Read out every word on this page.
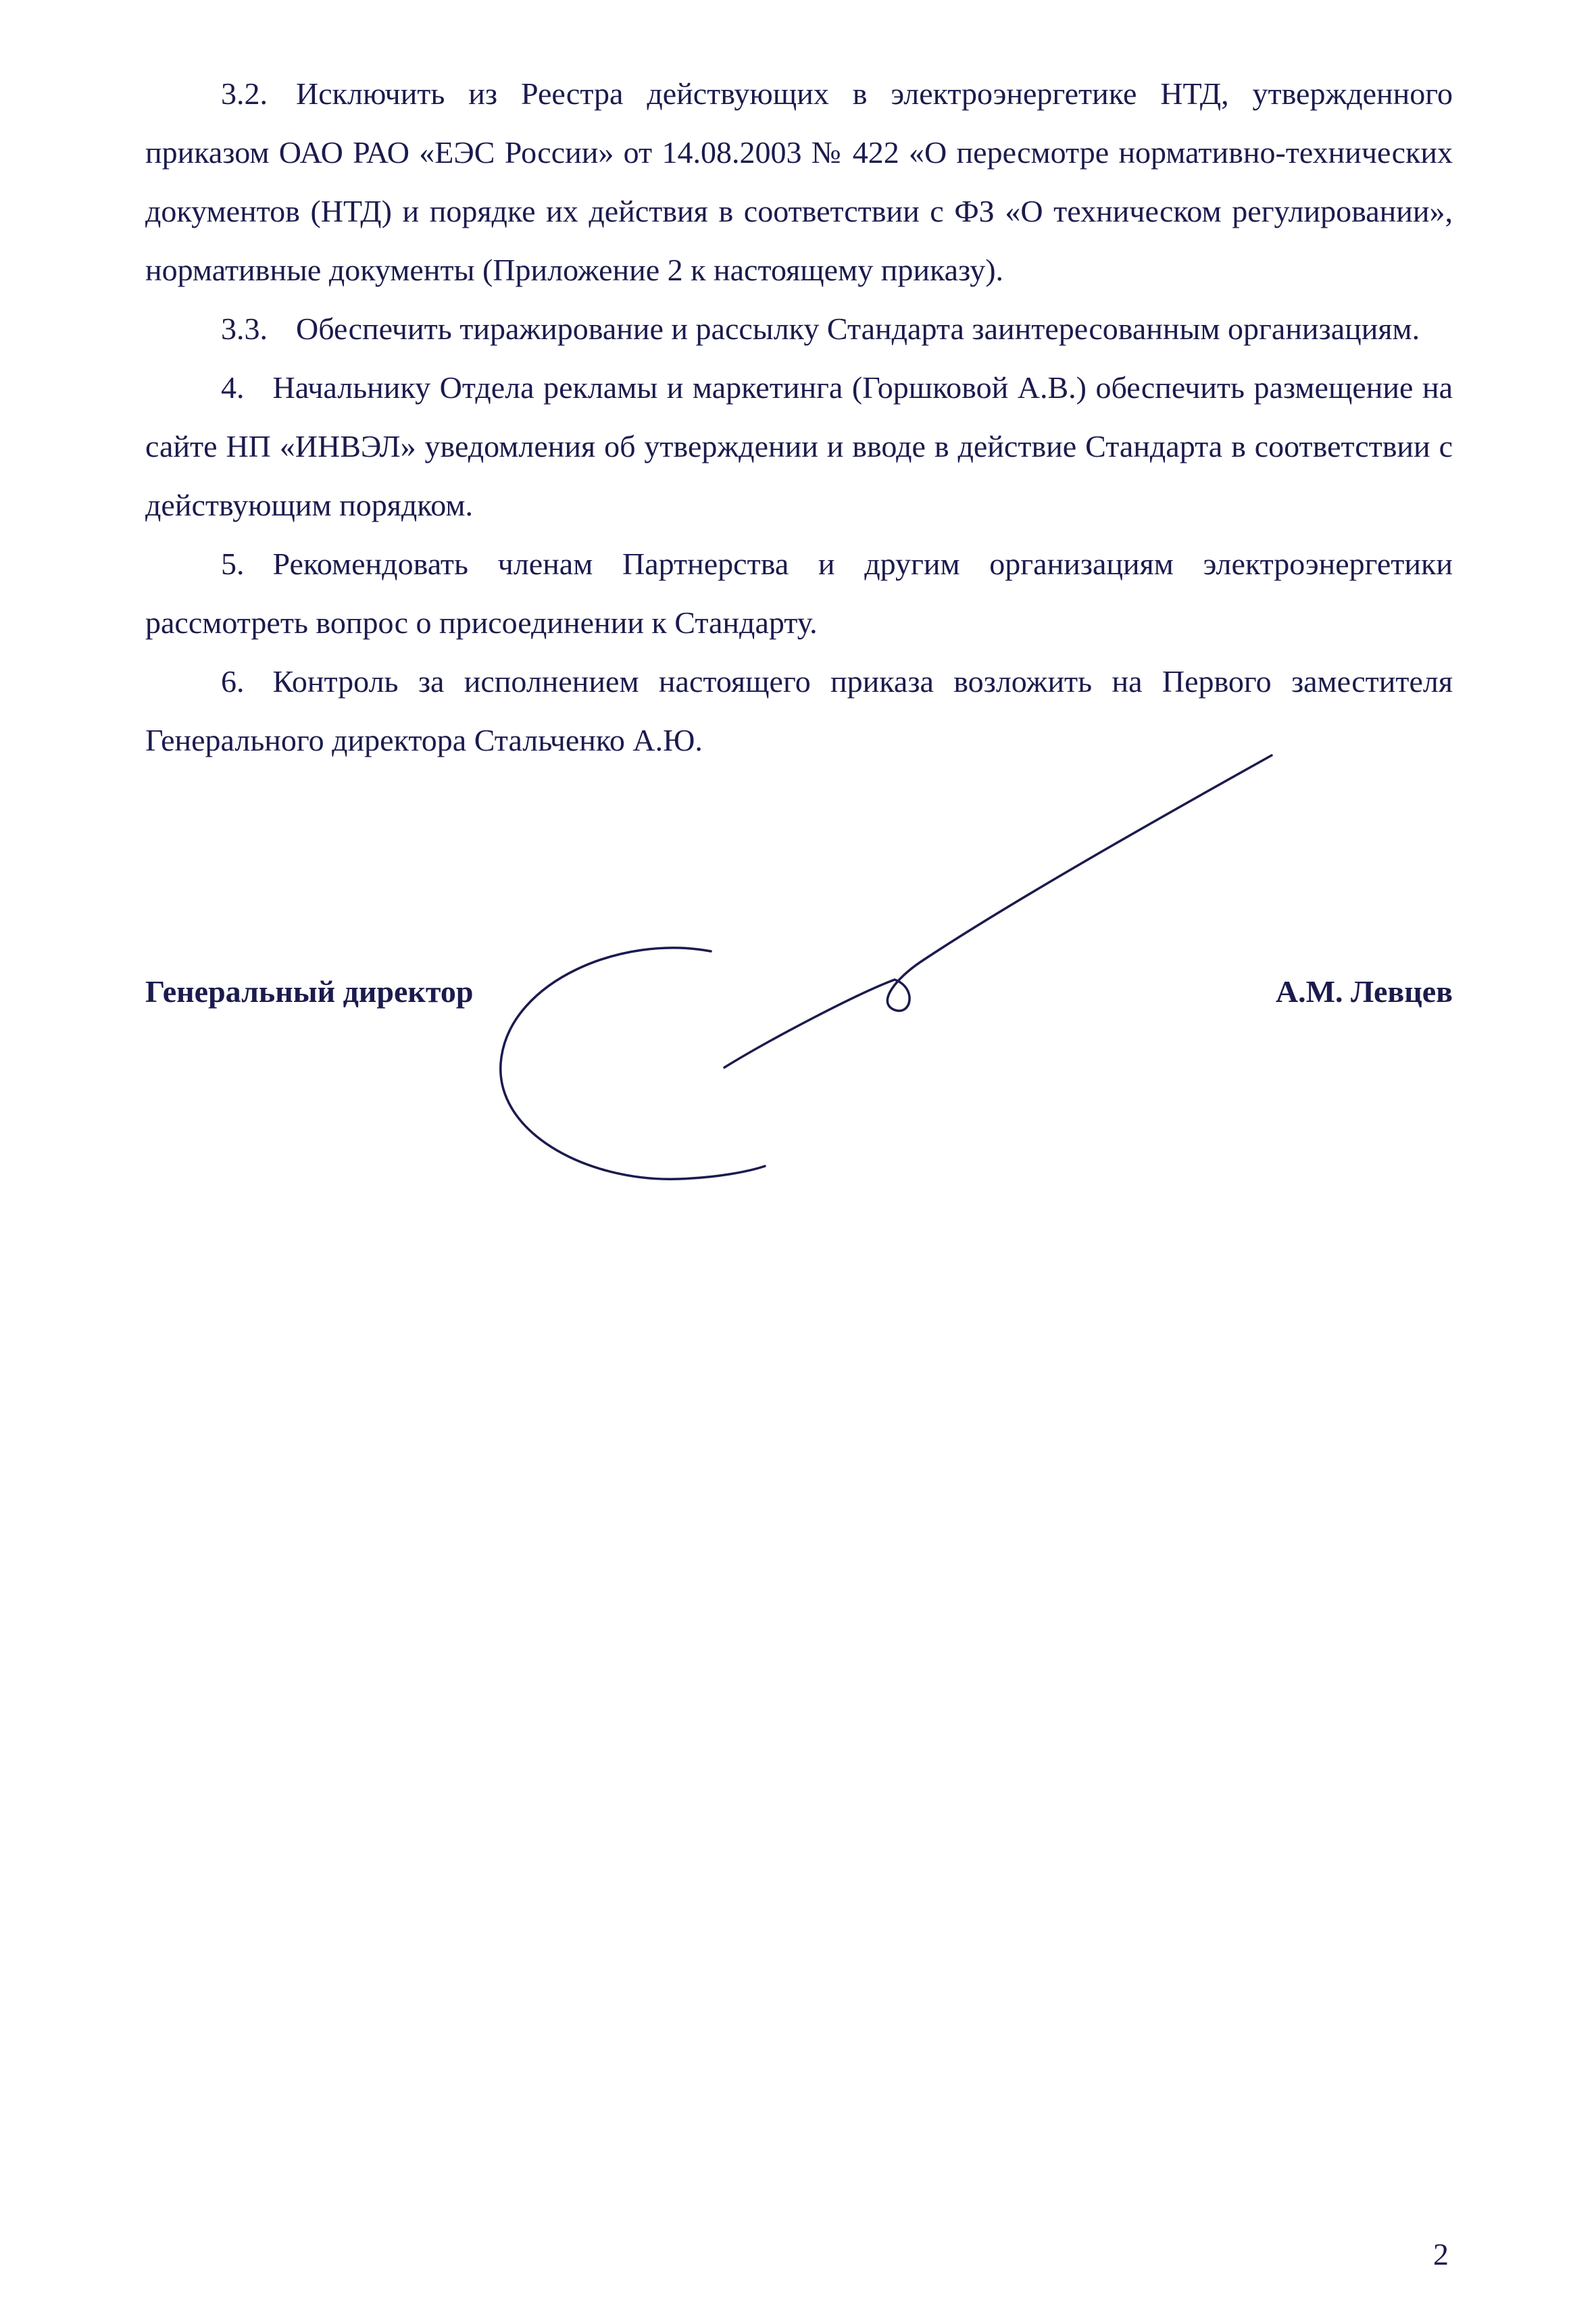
3.2. Исключить из Реестра действующих в электроэнергетике НТД, утвержденного приказом ОАО РАО «ЕЭС России» от 14.08.2003 № 422 «О пересмотре нормативно-технических документов (НТД) и порядке их действия в соответствии с ФЗ «О техническом регулировании», нормативные документы (Приложение 2 к настоящему приказу).

3.3. Обеспечить тиражирование и рассылку Стандарта заинтересованным организациям.

4. Начальнику Отдела рекламы и маркетинга (Горшковой А.В.) обеспечить размещение на сайте НП «ИНВЭЛ» уведомления об утверждении и вводе в действие Стандарта в соответствии с действующим порядком.

5. Рекомендовать членам Партнерства и другим организациям электроэнергетики рассмотреть вопрос о присоединении к Стандарту.

6. Контроль за исполнением настоящего приказа возложить на Первого заместителя Генерального директора Стальченко А.Ю.

Генеральный директор	А.М. Левцев
2
